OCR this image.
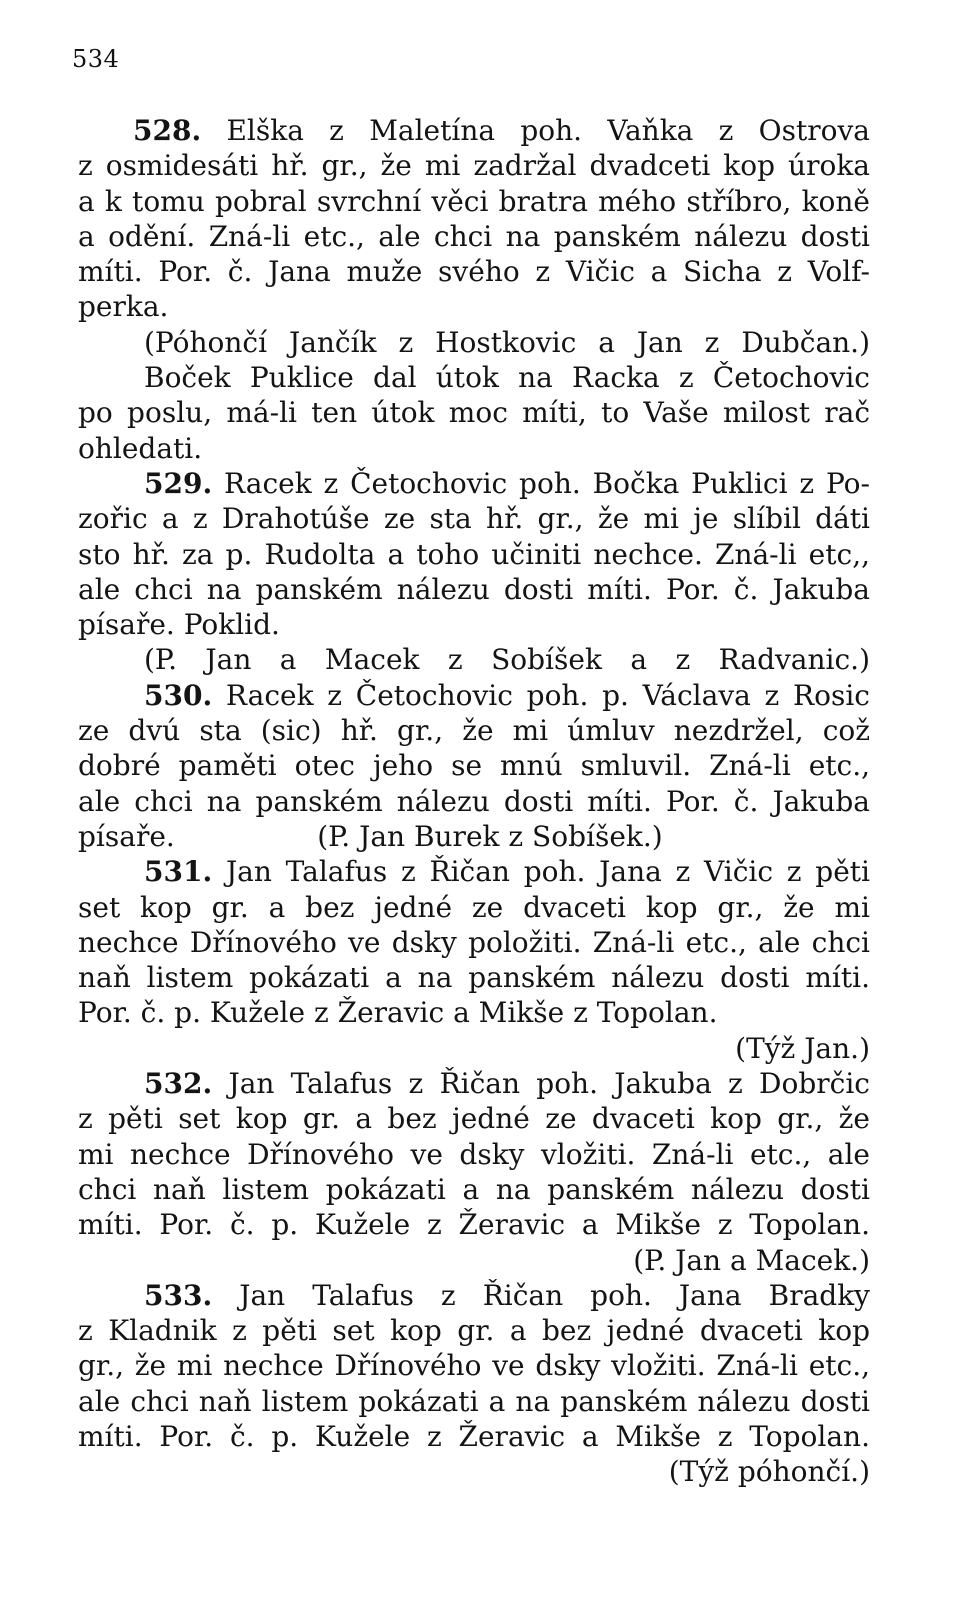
534
528. Elška z Maletína poh. Vaňka z Ostrova
z osmidesáti hř. gr., že mi zadržal dvadceti kop úroka
a k tomu pobral svrchní věci bratra mého stříbro, koně
a odění. Zná-li etc., ale chci na panském nálezu dosti
míti. Por. č. Jana muže svého z Vičic a Sicha z Volf-
perka.
(Póhončí Jančík z Hostkovic a Jan z Dubčan.)
Boček Puklice dal útok na Racka z Četochovic
po poslu, má-li ten útok moc míti, to Vaše milost rač
ohledati.
529. Racek z Četochovic poh. Bočka Puklici z Po-
zořic a z Drahotúše ze sta hř. gr., že mi je slíbil dáti
sto hř. za p. Rudolta a toho učiniti nechce. Zná-li etc,,
ale chci na panském nálezu dosti míti. Por. č. Jakuba
písaře. Poklid.
(P. Jan a Macek z Sobíšek a z Radvanic.)
530. Racek z Četochovic poh. p. Václava z Rosic
ze dvú sta (sic) hř. gr., že mi úmluv nezdržel, což
dobré paměti otec jeho se mnú smluvil. Zná-li etc.,
ale chci na panském nálezu dosti míti. Por. č. Jakuba
písaře.                (P. Jan Burek z Sobíšek.)
531. Jan Talafus z Řičan poh. Jana z Vičic z pěti
set kop gr. a bez jedné ze dvaceti kop gr., že mi
nechce Dřínového ve dsky položiti. Zná-li etc., ale chci
naň listem pokázati a na panském nálezu dosti míti.
Por. č. p. Kužele z Žeravic a Mikše z Topolan.
(Týž Jan.)
532. Jan Talafus z Řičan poh. Jakuba z Dobrčic
z pěti set kop gr. a bez jedné ze dvaceti kop gr., že
mi nechce Dřínového ve dsky vložiti. Zná-li etc., ale
chci naň listem pokázati a na panském nálezu dosti
míti. Por. č. p. Kužele z Žeravic a Mikše z Topolan.
(P. Jan a Macek.)
533. Jan Talafus z Řičan poh. Jana Bradky
z Kladnik z pěti set kop gr. a bez jedné dvaceti kop
gr., že mi nechce Dřínového ve dsky vložiti. Zná-li etc.,
ale chci naň listem pokázati a na panském nálezu dosti
míti. Por. č. p. Kužele z Žeravic a Mikše z Topolan.
(Týž póhončí.)
